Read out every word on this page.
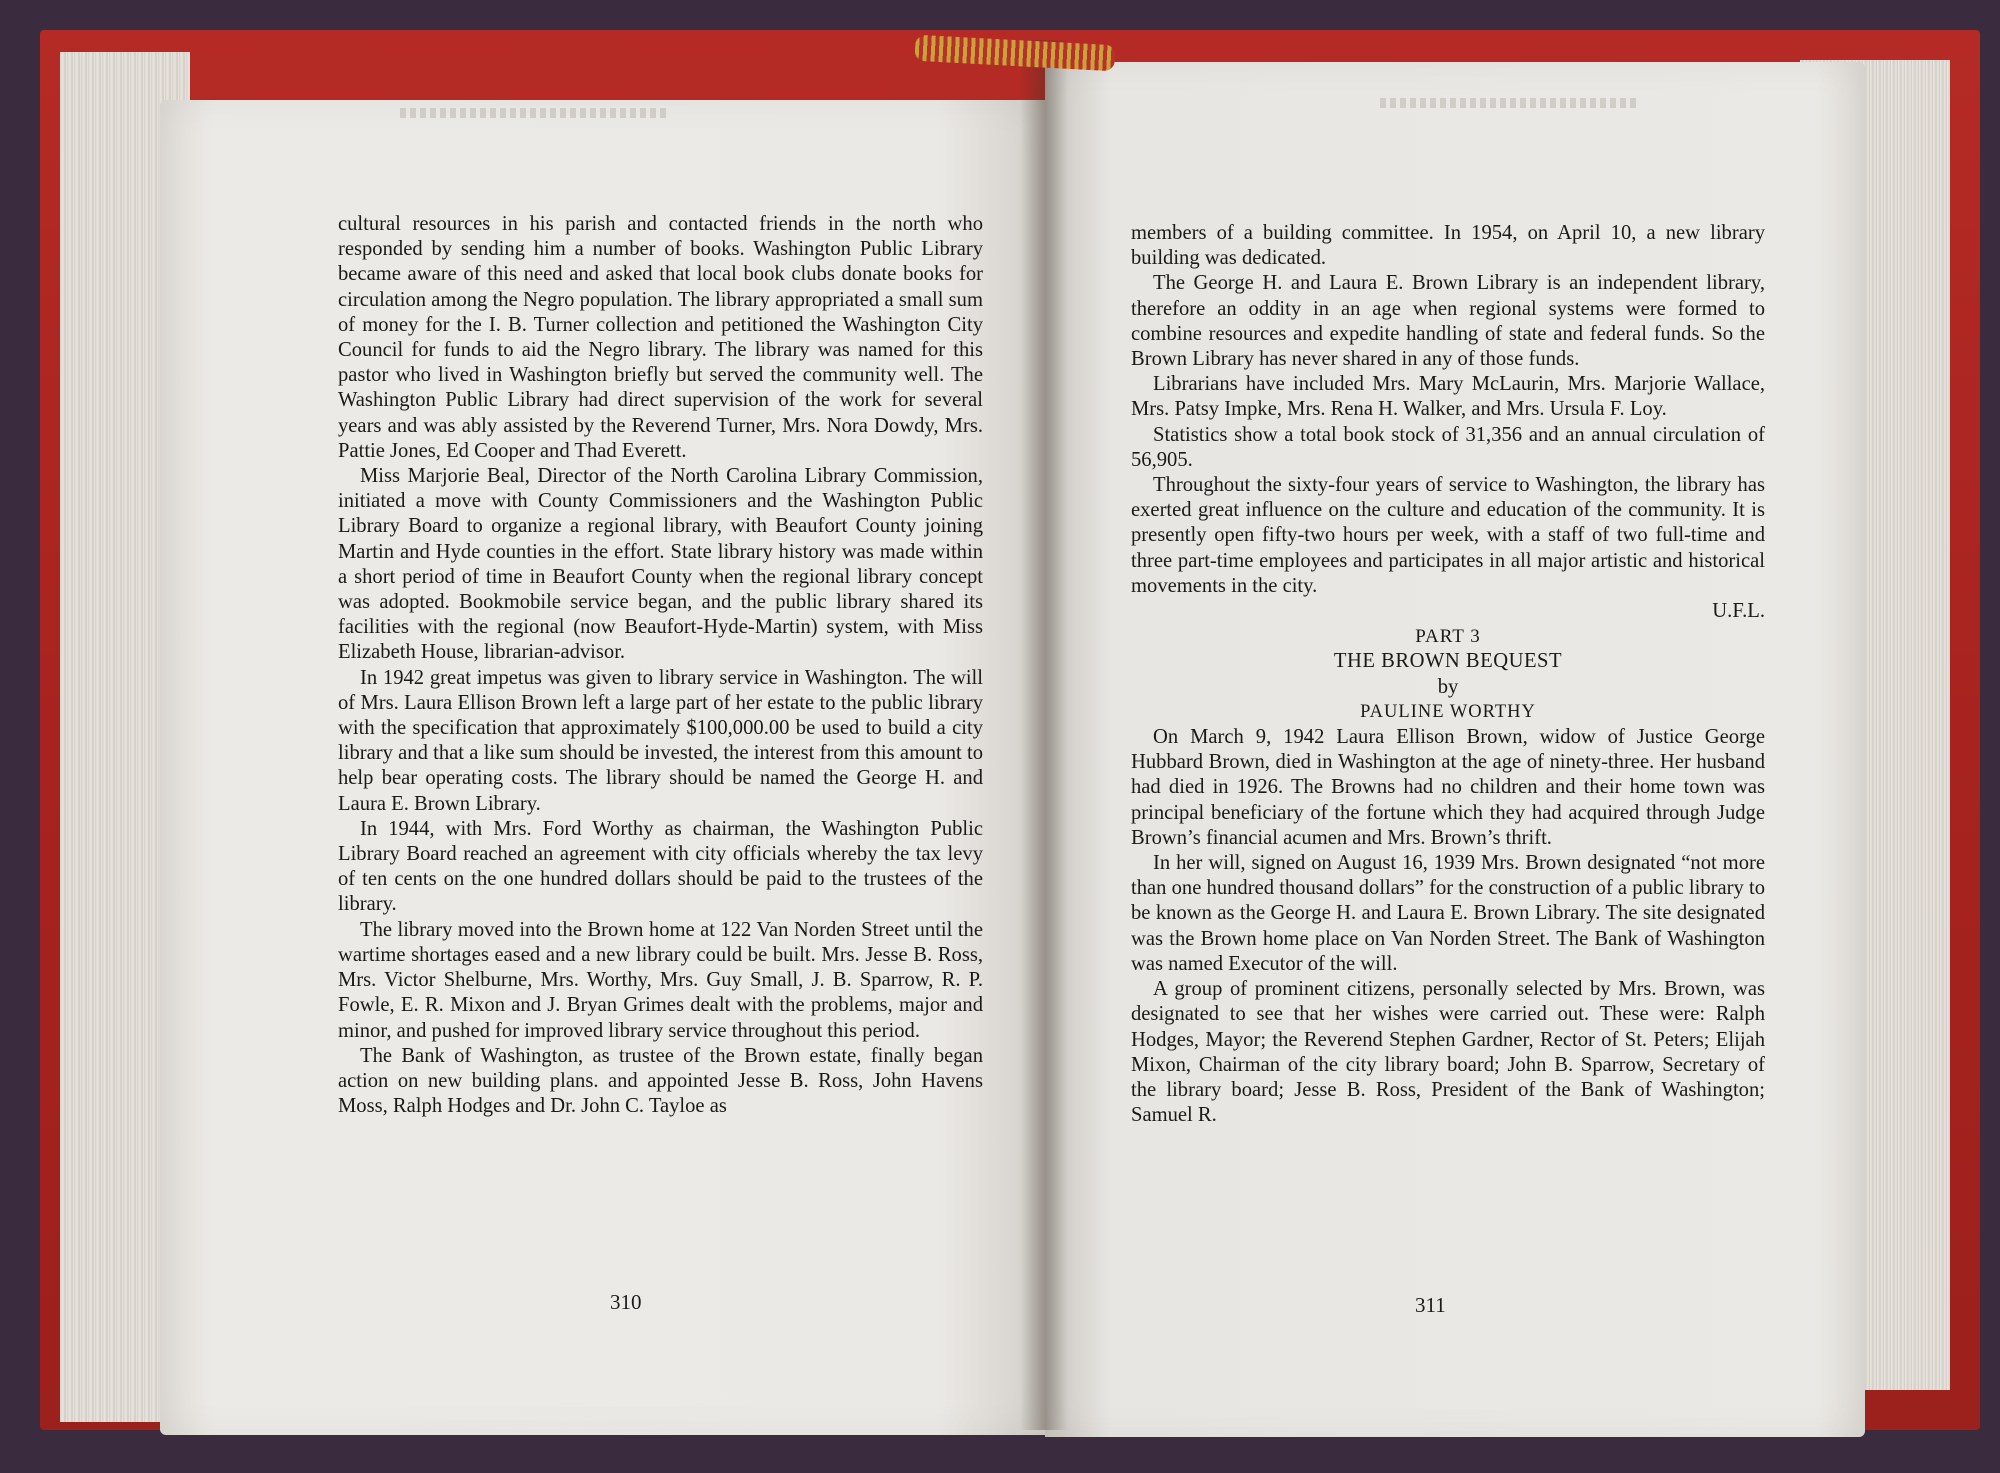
cultural resources in his parish and contacted friends in the north who responded by sending him a number of books. Washington Public Library became aware of this need and asked that local book clubs donate books for circulation among the Negro population. The library appropriated a small sum of money for the I. B. Turner collection and petitioned the Washington City Council for funds to aid the Negro library. The library was named for this pastor who lived in Washington briefly but served the community well. The Washington Public Library had direct supervision of the work for several years and was ably assisted by the Reverend Turner, Mrs. Nora Dowdy, Mrs. Pattie Jones, Ed Cooper and Thad Everett.

Miss Marjorie Beal, Director of the North Carolina Library Commission, initiated a move with County Commissioners and the Washington Public Library Board to organize a regional library, with Beaufort County joining Martin and Hyde counties in the effort. State library history was made within a short period of time in Beaufort County when the regional library concept was adopted. Bookmobile service began, and the public library shared its facilities with the regional (now Beaufort-Hyde-Martin) system, with Miss Elizabeth House, librarian-advisor.

In 1942 great impetus was given to library service in Washington. The will of Mrs. Laura Ellison Brown left a large part of her estate to the public library with the specification that approximately $100,000.00 be used to build a city library and that a like sum should be invested, the interest from this amount to help bear operating costs. The library should be named the George H. and Laura E. Brown Library.

In 1944, with Mrs. Ford Worthy as chairman, the Washington Public Library Board reached an agreement with city officials whereby the tax levy of ten cents on the one hundred dollars should be paid to the trustees of the library.

The library moved into the Brown home at 122 Van Norden Street until the wartime shortages eased and a new library could be built. Mrs. Jesse B. Ross, Mrs. Victor Shelburne, Mrs. Worthy, Mrs. Guy Small, J. B. Sparrow, R. P. Fowle, E. R. Mixon and J. Bryan Grimes dealt with the problems, major and minor, and pushed for improved library service throughout this period.

The Bank of Washington, as trustee of the Brown estate, finally began action on new building plans. and appointed Jesse B. Ross, John Havens Moss, Ralph Hodges and Dr. John C. Tayloe as

310

members of a building committee. In 1954, on April 10, a new library building was dedicated.

The George H. and Laura E. Brown Library is an independent library, therefore an oddity in an age when regional systems were formed to combine resources and expedite handling of state and federal funds. So the Brown Library has never shared in any of those funds.

Librarians have included Mrs. Mary McLaurin, Mrs. Marjorie Wallace, Mrs. Patsy Impke, Mrs. Rena H. Walker, and Mrs. Ursula F. Loy.

Statistics show a total book stock of 31,356 and an annual circulation of 56,905.

Throughout the sixty-four years of service to Washington, the library has exerted great influence on the culture and education of the community. It is presently open fifty-two hours per week, with a staff of two full-time and three part-time employees and participates in all major artistic and historical movements in the city.

U.F.L.

PART 3

THE BROWN BEQUEST

by

PAULINE WORTHY

On March 9, 1942 Laura Ellison Brown, widow of Justice George Hubbard Brown, died in Washington at the age of ninety-three. Her husband had died in 1926. The Browns had no children and their home town was principal beneficiary of the fortune which they had acquired through Judge Brown’s financial acumen and Mrs. Brown’s thrift.

In her will, signed on August 16, 1939 Mrs. Brown designated “not more than one hundred thousand dollars” for the construction of a public library to be known as the George H. and Laura E. Brown Library. The site designated was the Brown home place on Van Norden Street. The Bank of Washington was named Executor of the will.

A group of prominent citizens, personally selected by Mrs. Brown, was designated to see that her wishes were carried out. These were: Ralph Hodges, Mayor; the Reverend Stephen Gardner, Rector of St. Peters; Elijah Mixon, Chairman of the city library board; John B. Sparrow, Secretary of the library board; Jesse B. Ross, President of the Bank of Washington; Samuel R.

311
